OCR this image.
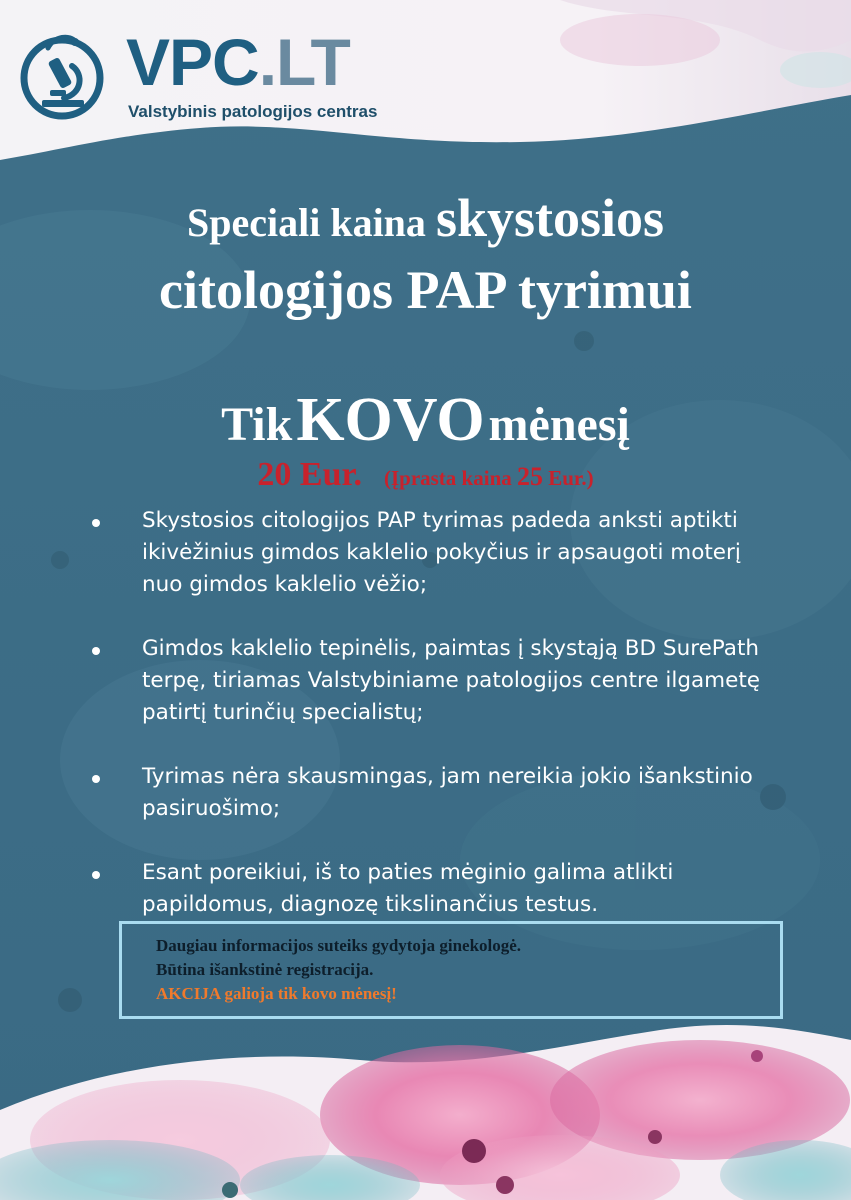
VPC.LT
Valstybinis patologijos centras
Speciali kaina skystosios
citologijos PAP tyrimui
Tik KOVO mėnesį
20 Eur. (Įprasta kaina 25 Eur.)
Skystosios citologijos PAP tyrimas padeda anksti aptikti ikivėžinius gimdos kaklelio pokyčius ir apsaugoti moterį nuo gimdos kaklelio vėžio;
Gimdos kaklelio tepinėlis, paimtas į skystąją BD SurePath terpę, tiriamas Valstybiniame patologijos centre ilgametę patirtį turinčių specialistų;
Tyrimas nėra skausmingas, jam nereikia jokio išankstinio pasiruošimo;
Esant poreikiui, iš to paties mėginio galima atlikti papildomus, diagnozę tikslinančius testus.
Daugiau informacijos suteiks gydytoja ginekologė.
Būtina išankstinė registracija.
AKCIJA galioja tik kovo mėnesį!
